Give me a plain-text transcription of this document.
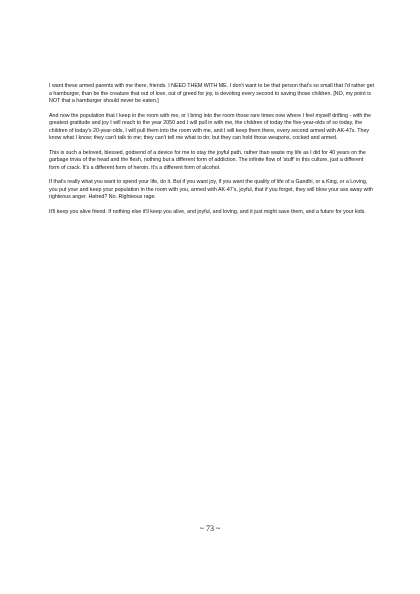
I want these armed parents with me there, friends. I NEED THEM WITH ME. I don't want to be that person that's so small that I'd rather get a hamburger, than be the creature that out of love, out of greed for joy, is devoting every second to saving those children. [NO, my point is NOT that a hamburger should never be eaten.]

And now the population that I keep in the room with me, or I bring into the room those rare times now where I feel myself drifting - with the greatest gratitude and joy I will reach to the year 2050 and I will pull in with me, the children of today the five-year-olds of so today, the children of today's 20-year-olds, I will pull them into the room with me, and I will keep them there, every second armed with AK-47s. They know what I know; they can't talk to me; they can't tell me what to do; but they can hold those weapons, cocked and armed.

This is such a beloved, blessed, godsend of a device for me to stay the joyful path, rather than waste my life as I did for 40 years on the garbage trivia of the head and the flesh, nothing but a different form of addiction. The infinite flow of 'stuff' in this culture, just a different form of crack. It's a different form of heroin. It's a different form of alcohol.

If that's really what you want to spend your life, do it. But if you want joy, if you want the quality of life of a Gandhi, or a King, or a Loving, you put your and keep your population in the room with you, armed with AK-47's, joyful, that if you forget, they will blow your ass away with righteous anger. Hatred? No. Righteous rage.

It'll keep you alive friend. If nothing else it'll keep you alive, and joyful, and loving, and it just might save them, and a future for your kids.

~ 73 ~
